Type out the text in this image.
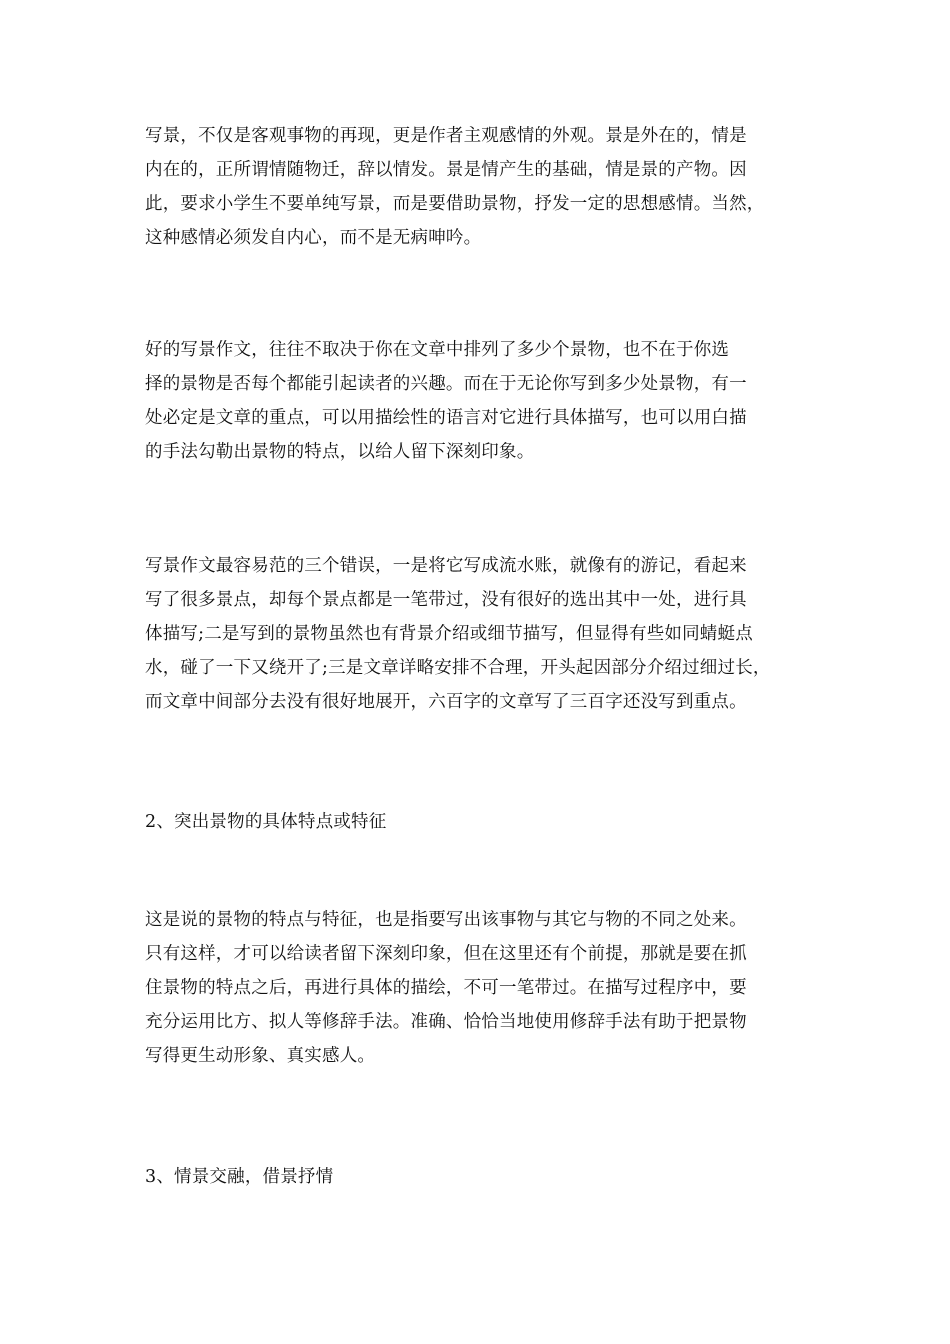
写景，不仅是客观事物的再现，更是作者主观感情的外观。景是外在的，情是
内在的，正所谓情随物迁，辞以情发。景是情产生的基础，情是景的产物。因
此，要求小学生不要单纯写景，而是要借助景物，抒发一定的思想感情。当然，
这种感情必须发自内心，而不是无病呻吟。
好的写景作文，往往不取决于你在文章中排列了多少个景物，也不在于你选
择的景物是否每个都能引起读者的兴趣。而在于无论你写到多少处景物，有一
处必定是文章的重点，可以用描绘性的语言对它进行具体描写，也可以用白描
的手法勾勒出景物的特点，以给人留下深刻印象。
写景作文最容易范的三个错误，一是将它写成流水账，就像有的游记，看起来
写了很多景点，却每个景点都是一笔带过，没有很好的选出其中一处，进行具
体描写;二是写到的景物虽然也有背景介绍或细节描写，但显得有些如同蜻蜓点
水，碰了一下又绕开了;三是文章详略安排不合理，开头起因部分介绍过细过长，
而文章中间部分去没有很好地展开，六百字的文章写了三百字还没写到重点。
2、突出景物的具体特点或特征
这是说的景物的特点与特征，也是指要写出该事物与其它与物的不同之处来。
只有这样，才可以给读者留下深刻印象，但在这里还有个前提，那就是要在抓
住景物的特点之后，再进行具体的描绘，不可一笔带过。在描写过程序中，要
充分运用比方、拟人等修辞手法。准确、恰恰当地使用修辞手法有助于把景物
写得更生动形象、真实感人。
3、情景交融，借景抒情
